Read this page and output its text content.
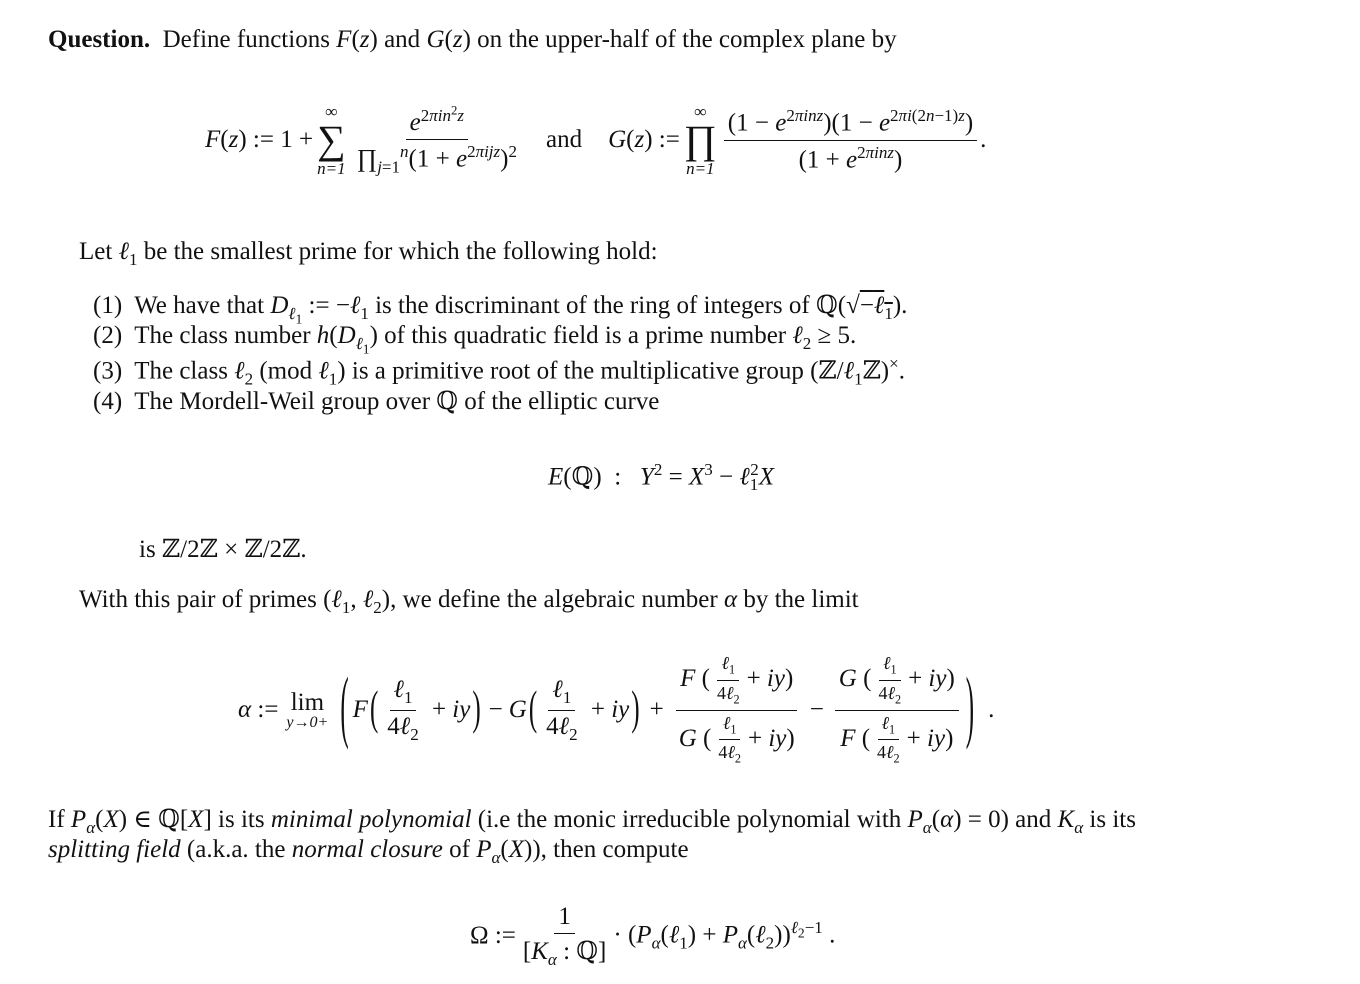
Question.  Define functions F(z) and G(z) on the upper-half of the complex plane by
F(z) := 1 +
∞
∑
$n=1 \frac{e^{2\pi in^2z}}{\prod_{j=1}^n(1 + e^{2\pi ijz})^2}$ and G(z) :=
∞
∏
$n=1 \frac{(1 - e^{2\pi inz})(1 - e^{2\pi i(2n-1)z})}{(1 + e^{2\pi inz})}$ .
Let ℓ$_1$ be the smallest prime for which the following hold:
(1)  We have that $D_{\ell_1}$ := −ℓ$_1$ is the discriminant of the ring of integers of ℚ(√−ℓ$_1$).
(2)  The class number $h(D_{\ell_1})$ of this quadratic field is a prime number ℓ$_2$ ≥ 5.
(3)  The class ℓ$_2$ (mod ℓ$_1$) is a primitive root of the multiplicative group (ℤ/ℓ$_1$ℤ)×.
(4) The Mordell-Weil group over ℚ of the elliptic curve
E(ℚ)  :   $Y^2 = X^3$ − ℓ$_1^2$X
is ℤ/2ℤ × ℤ/2ℤ.
With this pair of primes (ℓ$_1$, ℓ$_2$), we define the algebraic number α by the limit
α := lim
y→0+ ( F ( $\frac{\ell_1}{4\ell_2}$ + iy ) − G ( $\frac{\ell_1}{4\ell_2}$ + iy ) + $\frac{F ( \frac{\ell_1}{4\ell_2} + iy)}{G ( \frac{\ell_1}{4\ell_2} + iy)} - \frac{G ( \frac{\ell_1}{4\ell_2} + iy)}{F ( \frac{\ell_1}{4\ell_2} + iy)}$ ) .
If $P_\alpha(X)$ ∈ ℚ[X] is its minimal polynomial (i.e the monic irreducible polynomial with $P_\alpha(\alpha) = 0$) and $K_\alpha$ is its
splitting field (a.k.a. the normal closure of $P_\alpha(X)$), then compute
Ω := $\frac{1}{[K_\alpha : ℚ]}$ · ($P_\alpha(\ell_1)$ + $P_\alpha(\ell_2))^{\ell_2-1}$ .
